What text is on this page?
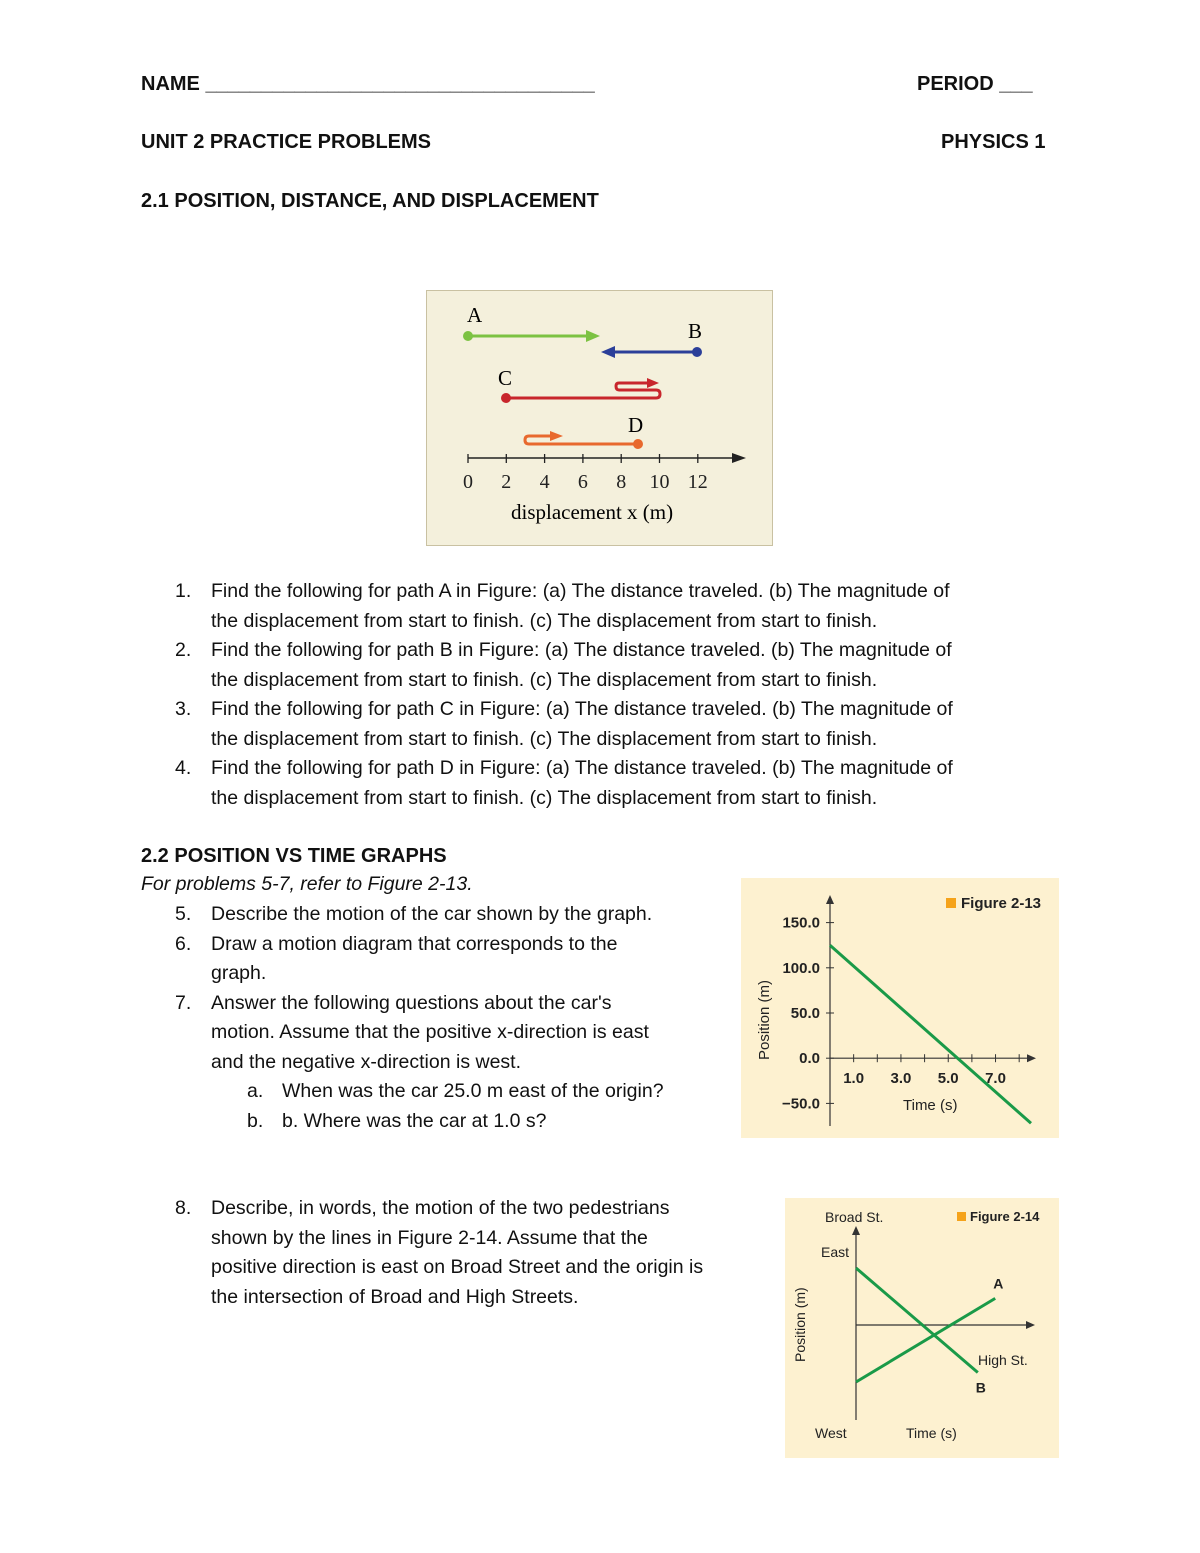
NAME ___________________________________	PERIOD ___
UNIT 2 PRACTICE PROBLEMS	PHYSICS 1
2.1 POSITION, DISTANCE, AND DISPLACEMENT
A
B
C
D
0 2 4 6 8 10 12
displacement x (m)
1. Find the following for path A in Figure: (a) The distance traveled. (b) The magnitude of
the displacement from start to finish. (c) The displacement from start to finish.
2. Find the following for path B in Figure: (a) The distance traveled. (b) The magnitude of
the displacement from start to finish. (c) The displacement from start to finish.
3. Find the following for path C in Figure: (a) The distance traveled. (b) The magnitude of
the displacement from start to finish. (c) The displacement from start to finish.
4. Find the following for path D in Figure: (a) The distance traveled. (b) The magnitude of
the displacement from start to finish. (c) The displacement from start to finish.
2.2 POSITION VS TIME GRAPHS
For problems 5-7, refer to Figure 2-13.
5. Describe the motion of the car shown by the graph.
6. Draw a motion diagram that corresponds to the
graph.
7. Answer the following questions about the car's
motion. Assume that the positive x-direction is east
and the negative x-direction is west.
a. When was the car 25.0 m east of the origin?
b. b. Where was the car at 1.0 s?
8. Describe, in words, the motion of the two pedestrians
shown by the lines in Figure 2-14. Assume that the
positive direction is east on Broad Street and the origin is
the intersection of Broad and High Streets.
Figure 2-13
Position (m)
Time (s)
150.0
100.0
50.0
0.0
−50.0
1.0 3.0 5.0 7.0
Figure 2-14
Broad St.
East
West	Time (s)
High St.
Position (m)
A
B
